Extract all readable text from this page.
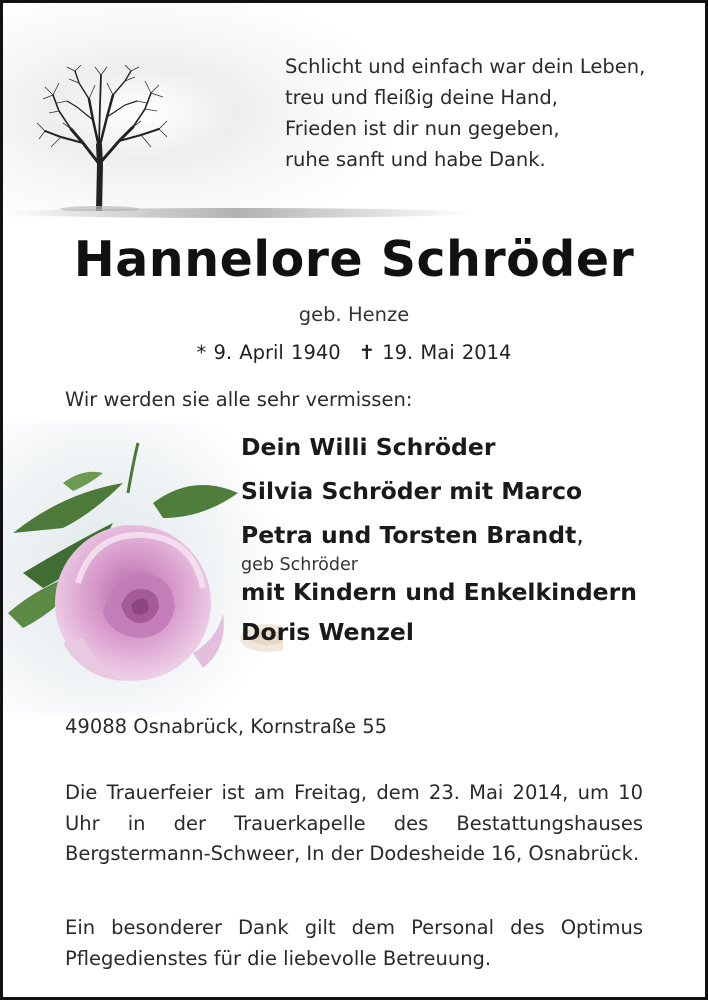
Schlicht und einfach war dein Leben,
treu und fleißig deine Hand,
Frieden ist dir nun gegeben,
ruhe sanft und habe Dank.
Hannelore Schröder
geb. Henze
* 9. April 1940 ✝ 19. Mai 2014
Wir werden sie alle sehr vermissen:
Dein Willi Schröder
Silvia Schröder mit Marco
Petra und Torsten Brandt,
geb Schröder
mit Kindern und Enkelkindern
Doris Wenzel
49088 Osnabrück, Kornstraße 55
Die Trauerfeier ist am Freitag, dem 23. Mai 2014, um 10 Uhr in der Trauerkapelle des Bestattungshauses Bergstermann-Schweer, In der Dodesheide 16, Osnabrück.
Ein besonderer Dank gilt dem Personal des Optimus Pflegedienstes für die liebevolle Betreuung.
